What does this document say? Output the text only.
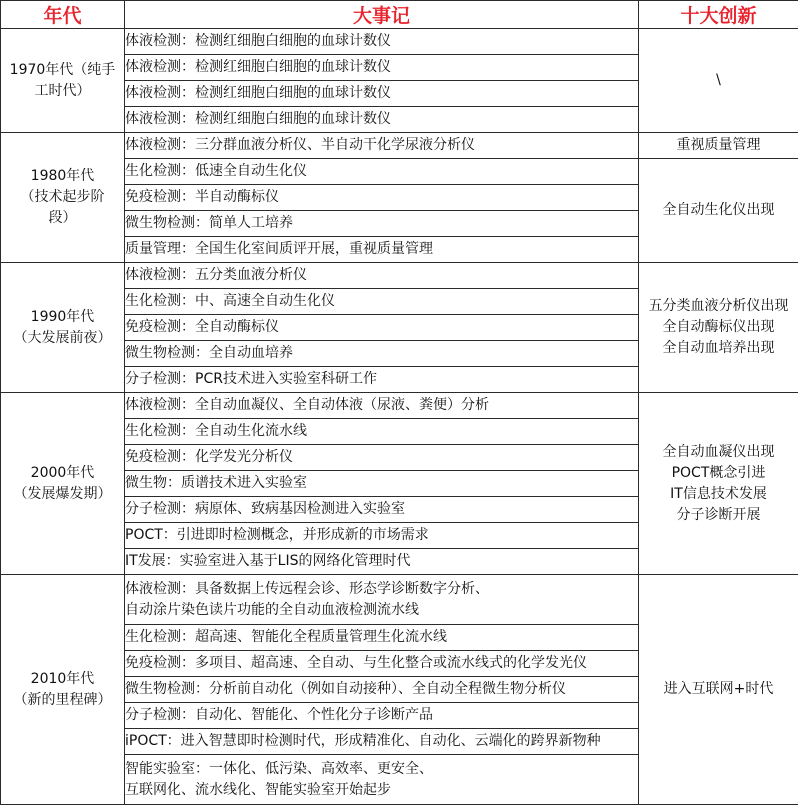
年代	大事记	十大创新
1970年代（纯手
工时代）	体液检测：检测红细胞白细胞的血球计数仪	\
	体液检测：检测红细胞白细胞的血球计数仪	
	体液检测：检测红细胞白细胞的血球计数仪	
	体液检测：检测红细胞白细胞的血球计数仪	
1980年代
（技术起步阶
段）	体液检测：三分群血液分析仪、半自动干化学尿液分析仪	重视质量管理
	生化检测：低速全自动生化仪	全自动生化仪出现
	免疫检测：半自动酶标仪	
	微生物检测：简单人工培养	
	质量管理：全国生化室间质评开展，重视质量管理	
1990年代
（大发展前夜）	体液检测：五分类血液分析仪	五分类血液分析仪出现
全自动酶标仪出现
全自动血培养出现
	生化检测：中、高速全自动生化仪	
	免疫检测：全自动酶标仪	
	微生物检测：全自动血培养	
	分子检测：PCR技术进入实验室科研工作	
2000年代
（发展爆发期）	体液检测：全自动血凝仪、全自动体液（尿液、粪便）分析	全自动血凝仪出现
POCT概念引进
IT信息技术发展
分子诊断开展
	生化检测：全自动生化流水线	
	免疫检测：化学发光分析仪	
	微生物：质谱技术进入实验室	
	分子检测：病原体、致病基因检测进入实验室	
	POCT：引进即时检测概念，并形成新的市场需求	
	IT发展：实验室进入基于LIS的网络化管理时代	
2010年代
（新的里程碑）	体液检测：具备数据上传远程会诊、形态学诊断数字分析、
自动涂片染色读片功能的全自动血液检测流水线	进入互联网+时代
	生化检测：超高速、智能化全程质量管理生化流水线	
	免疫检测：多项目、超高速、全自动、与生化整合或流水线式的化学发光仪	
	微生物检测：分析前自动化（例如自动接种）、全自动全程微生物分析仪	
	分子检测：自动化、智能化、个性化分子诊断产品	
	iPOCT：进入智慧即时检测时代，形成精准化、自动化、云端化的跨界新物种	
	智能实验室：一体化、低污染、高效率、更安全、
互联网化、流水线化、智能实验室开始起步	
